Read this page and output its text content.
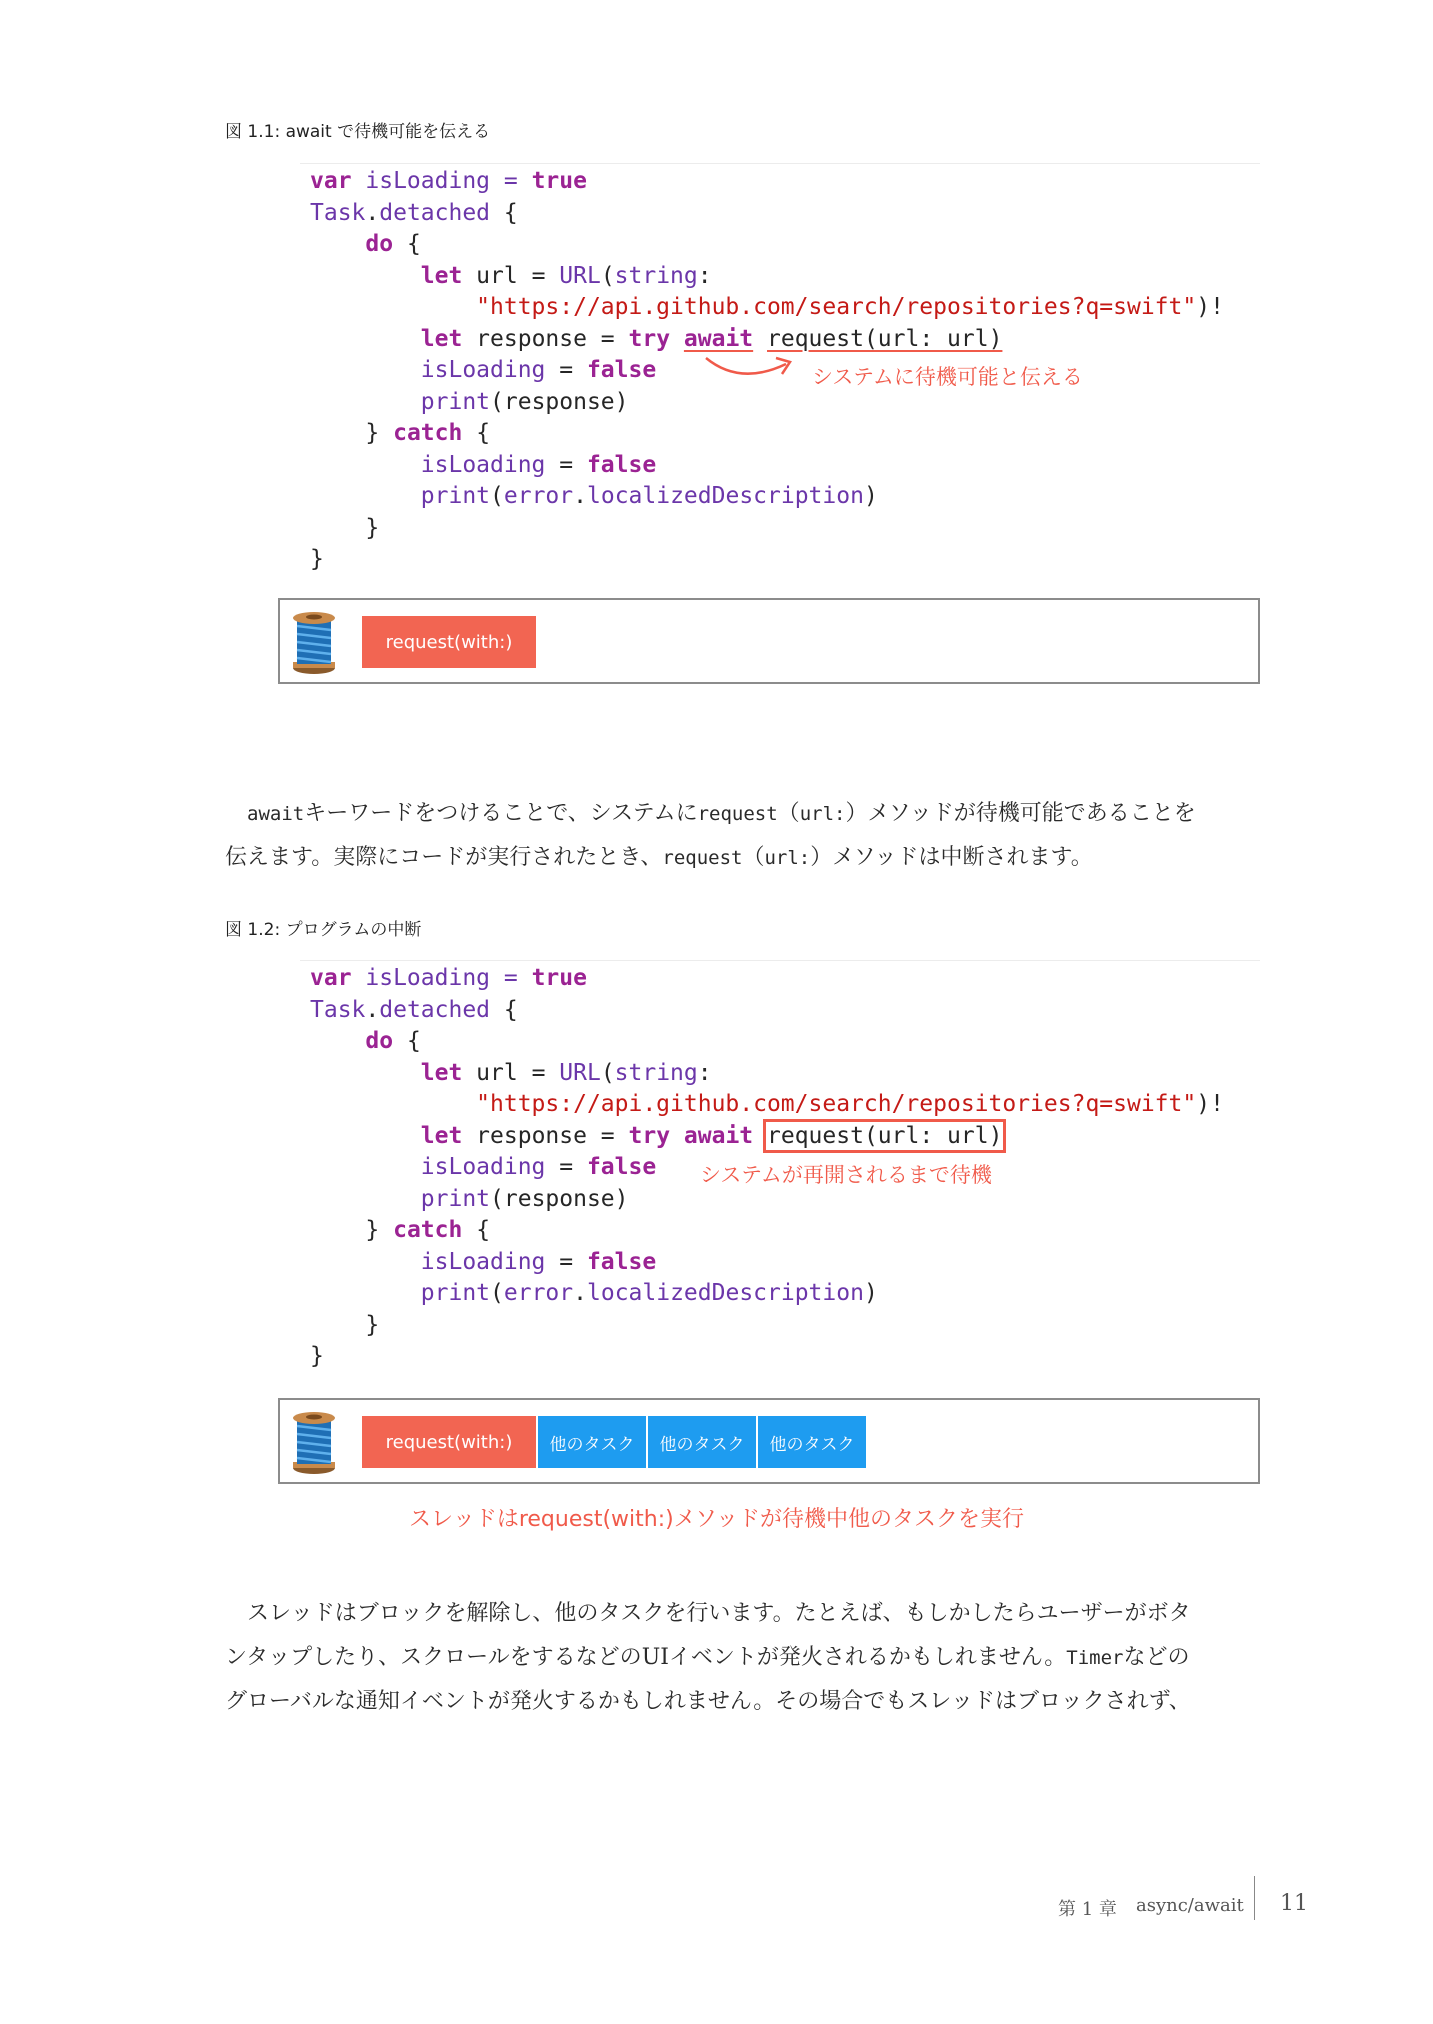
図 1.1: await で待機可能を伝える
var isLoading = true
Task.detached {
do {
let url = URL(string:
"https://api.github.com/search/repositories?q=swift")!
let response = try await request(url: url)
isLoading = false
print(response)
} catch {
isLoading = false
print(error.localizedDescription)
}
}
システムに待機可能と伝える
request(with:)
　awaitキーワードをつけることで、システムにrequest（url:）メソッドが待機可能であることを
伝えます。実際にコードが実行されたとき、request（url:）メソッドは中断されます。
図 1.2: プログラムの中断
var isLoading = true
Task.detached {
do {
let url = URL(string:
"https://api.github.com/search/repositories?q=swift")!
let response = try await request(url: url)
isLoading = false
print(response)
} catch {
isLoading = false
print(error.localizedDescription)
}
}
システムが再開されるまで待機
request(with:)	他のタスク	他のタスク	他のタスク
スレッドはrequest(with:)メソッドが待機中他のタスクを実行
　スレッドはブロックを解除し、他のタスクを行います。たとえば、もしかしたらユーザーがボタ
ンタップしたり、スクロールをするなどのUIイベントが発火されるかもしれません。Timerなどの
グローバルな通知イベントが発火するかもしれません。その場合でもスレッドはブロックされず、
第 1 章 async/await 11
